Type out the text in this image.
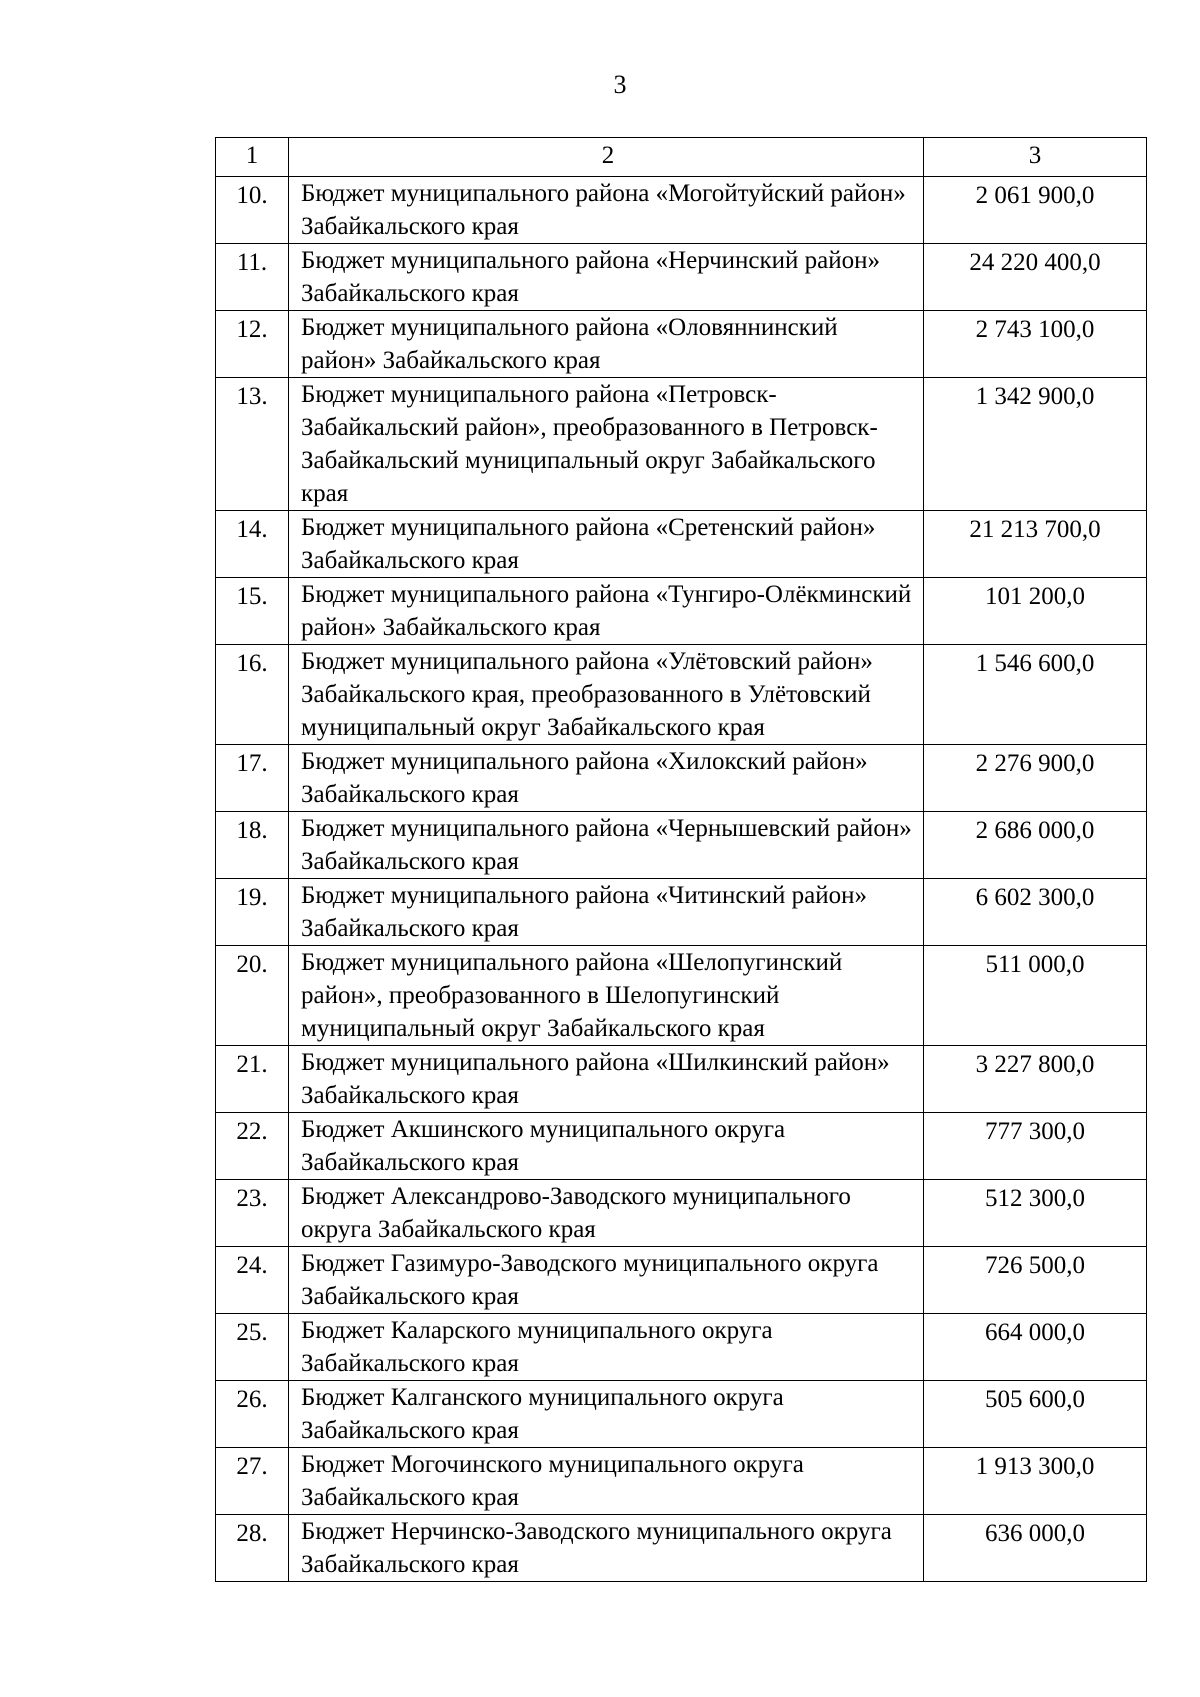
3
1	2	3
10.	Бюджет муниципального района «Могойтуйский район» Забайкальского края	2 061 900,0
11.	Бюджет муниципального района «Нерчинский район» Забайкальского края	24 220 400,0
12.	Бюджет муниципального района «Оловяннинский район» Забайкальского края	2 743 100,0
13.	Бюджет муниципального района «Петровск-Забайкальский район», преобразованного в Петровск-Забайкальский муниципальный округ Забайкальского края	1 342 900,0
14.	Бюджет муниципального района «Сретенский район» Забайкальского края	21 213 700,0
15.	Бюджет муниципального района «Тунгиро-Олёкминский район» Забайкальского края	101 200,0
16.	Бюджет муниципального района «Улётовский район» Забайкальского края, преобразованного в Улётовский муниципальный округ Забайкальского края	1 546 600,0
17.	Бюджет муниципального района «Хилокский район» Забайкальского края	2 276 900,0
18.	Бюджет муниципального района «Чернышевский район» Забайкальского края	2 686 000,0
19.	Бюджет муниципального района «Читинский район» Забайкальского края	6 602 300,0
20.	Бюджет муниципального района «Шелопугинский район», преобразованного в Шелопугинский муниципальный округ Забайкальского края	511 000,0
21.	Бюджет муниципального района «Шилкинский район» Забайкальского края	3 227 800,0
22.	Бюджет Акшинского муниципального округа Забайкальского края	777 300,0
23.	Бюджет Александрово-Заводского муниципального округа Забайкальского края	512 300,0
24.	Бюджет Газимуро-Заводского муниципального округа Забайкальского края	726 500,0
25.	Бюджет Каларского муниципального округа Забайкальского края	664 000,0
26.	Бюджет Калганского муниципального округа Забайкальского края	505 600,0
27.	Бюджет Могочинского муниципального округа Забайкальского края	1 913 300,0
28.	Бюджет Нерчинско-Заводского муниципального округа Забайкальского края	636 000,0
